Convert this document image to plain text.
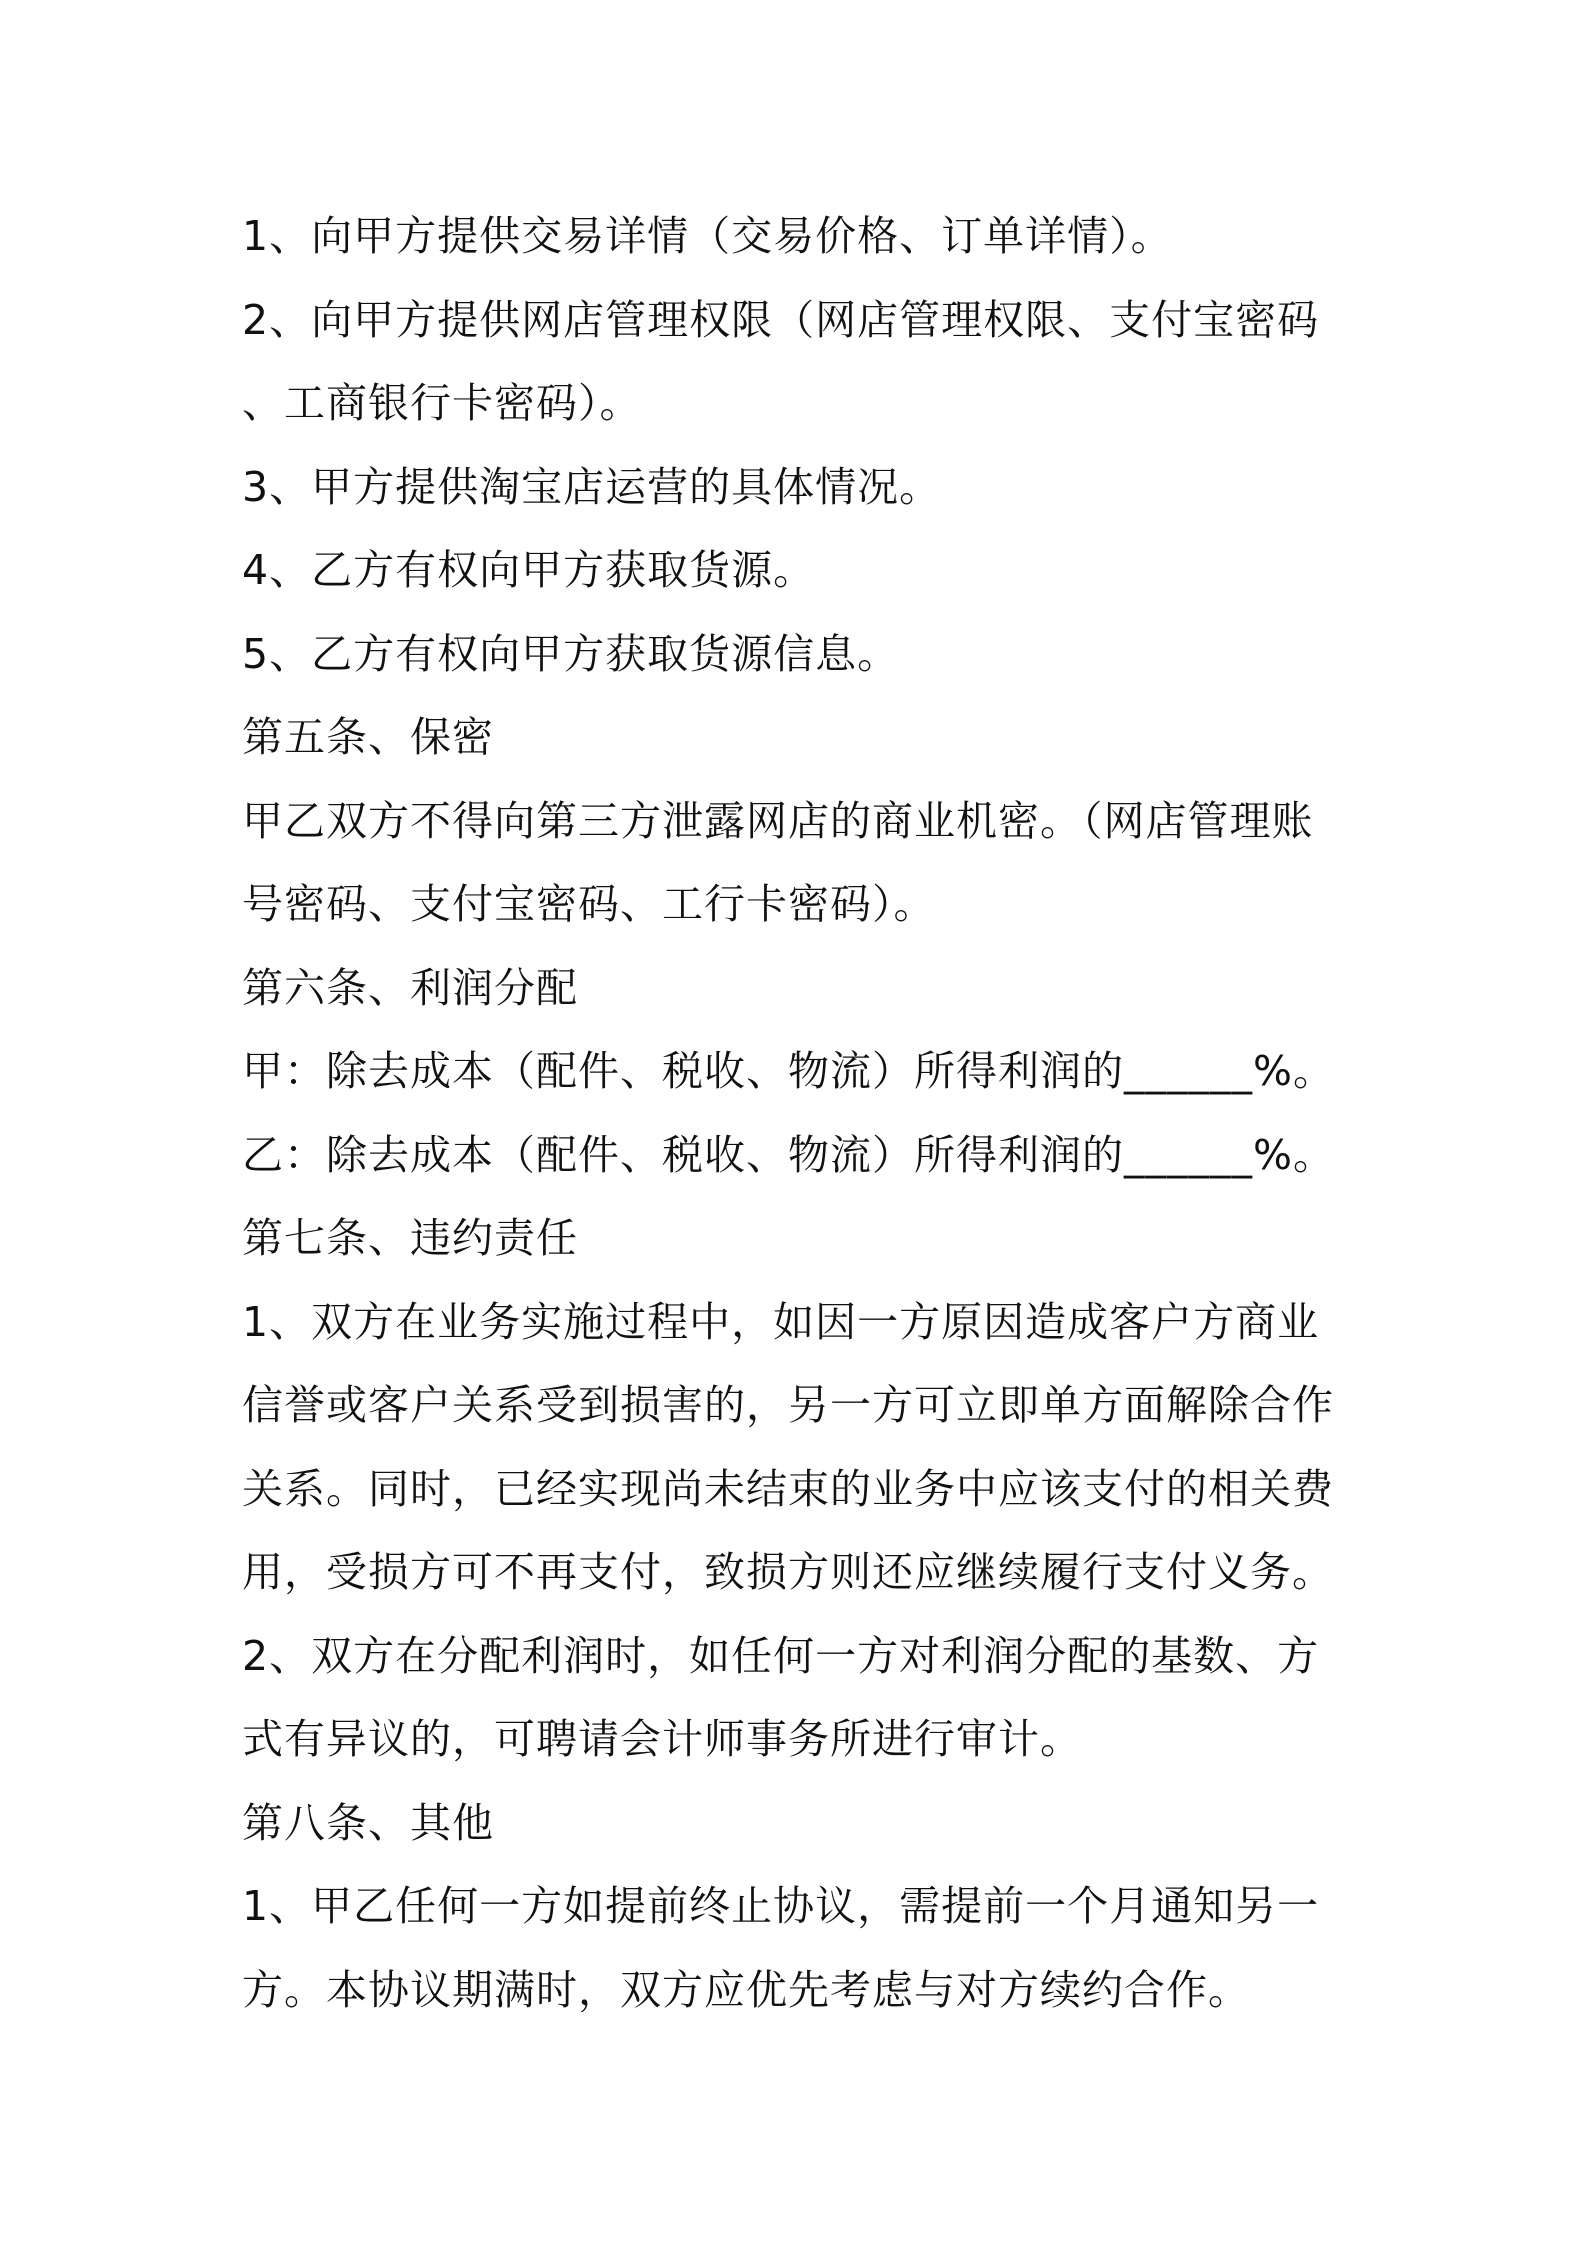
1、向甲方提供交易详情（交易价格、订单详情）。
2、向甲方提供网店管理权限（网店管理权限、支付宝密码
、工商银行卡密码）。
3、甲方提供淘宝店运营的具体情况。
4、乙方有权向甲方获取货源。
5、乙方有权向甲方获取货源信息。
第五条、保密
甲乙双方不得向第三方泄露网店的商业机密。（网店管理账
号密码、支付宝密码、工行卡密码）。
第六条、利润分配
甲：除去成本（配件、税收、物流）所得利润的______%。
乙：除去成本（配件、税收、物流）所得利润的______%。
第七条、违约责任
1、双方在业务实施过程中，如因一方原因造成客户方商业
信誉或客户关系受到损害的，另一方可立即单方面解除合作
关系。同时，已经实现尚未结束的业务中应该支付的相关费
用，受损方可不再支付，致损方则还应继续履行支付义务。
2、双方在分配利润时，如任何一方对利润分配的基数、方
式有异议的，可聘请会计师事务所进行审计。
第八条、其他
1、甲乙任何一方如提前终止协议，需提前一个月通知另一
方。本协议期满时，双方应优先考虑与对方续约合作。
